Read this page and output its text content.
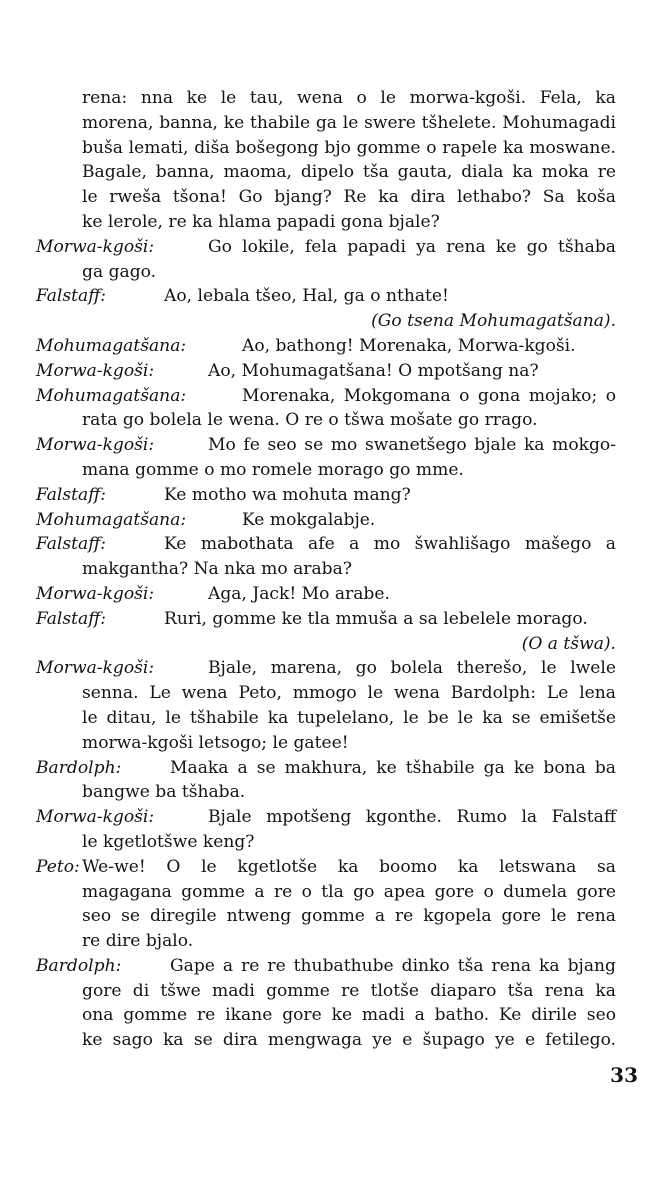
rena: nna ke le tau, wena o le morwa-kgoši. Fela, ka
morena, banna, ke thabile ga le swere tšhelete. Mohumagadi
buša lemati, diša bošegong bjo gomme o rapele ka moswane.
Bagale, banna, maoma, dipelo tša gauta, diala ka moka re
le rweša tšona! Go bjang? Re ka dira lethabo? Sa koša
ke lerole, re ka hlama papadi gona bjale?
Morwa-kgoši:	Go lokile, fela papadi ya rena ke go tšhaba
ga gago.
Falstaff:	Ao, lebala tšeo, Hal, ga o nthate!
(Go tsena Mohumagatšana).
Mohumagatšana:	Ao, bathong! Morenaka, Morwa-kgoši.
Morwa-kgoši:	Ao, Mohumagatšana! O mpotšang na?
Mohumagatšana:	Morenaka, Mokgomana o gona mojako; o
rata go bolela le wena. O re o tšwa mošate go rrago.
Morwa-kgoši:	Mo fe seo se mo swanetšego bjale ka mokgo-
mana gomme o mo romele morago go mme.
Falstaff:	Ke motho wa mohuta mang?
Mohumagatšana:	Ke mokgalabje.
Falstaff:	Ke mabothata afe a mo šwahlišago mašego a
makgantha? Na nka mo araba?
Morwa-kgoši:	Aga, Jack! Mo arabe.
Falstaff:	Ruri, gomme ke tla mmuša a sa lebelele morago.
(O a tšwa).
Morwa-kgoši:	Bjale, marena, go bolela therešo, le lwele
senna. Le wena Peto, mmogo le wena Bardolph: Le lena
le ditau, le tšhabile ka tupelelano, le be le ka se emišetše
morwa-kgoši letsogo; le gatee!
Bardolph:	Maaka a se makhura, ke tšhabile ga ke bona ba
bangwe ba tšhaba.
Morwa-kgoši:	Bjale mpotšeng kgonthe. Rumo la Falstaff
le kgetlotšwe keng?
Peto: We-we! O le kgetlotše ka boomo ka letswana sa
magagana gomme a re o tla go apea gore o dumela gore
seo se diregile ntweng gomme a re kgopela gore le rena
re dire bjalo.
Bardolph:	Gape a re re thubathube dinko tša rena ka bjang
gore di tšwe madi gomme re tlotše diaparo tša rena ka
ona gomme re ikane gore ke madi a batho. Ke dirile seo
ke sago ka se dira mengwaga ye e šupago ye e fetilego.
33
